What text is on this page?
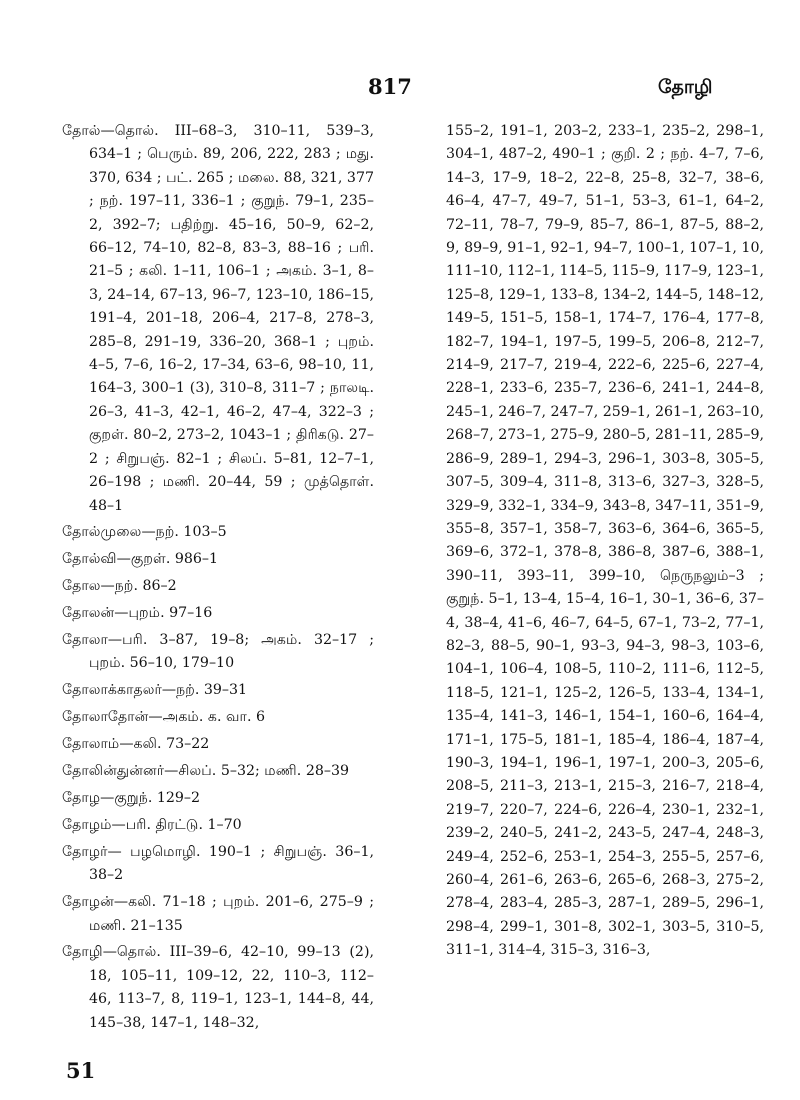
817	தோழி

தோல்—தொல். III–68–3, 310–11, 539–3, 634–1 ; பெரும். 89, 206, 222, 283 ; மது. 370, 634 ; பட். 265 ; மலை. 88, 321, 377 ; நற். 197–11, 336–1 ; குறுந். 79–1, 235–2, 392–7; பதிற்று. 45–16, 50–9, 62–2, 66–12, 74–10, 82–8, 83–3, 88–16 ; பரி. 21–5 ; கலி. 1–11, 106–1 ; அகம். 3–1, 8–3, 24–14, 67–13, 96–7, 123–10, 186–15, 191–4, 201–18, 206–4, 217–8, 278–3, 285–8, 291–19, 336–20, 368–1 ; புறம். 4–5, 7–6, 16–2, 17–34, 63–6, 98–10, 11, 164–3, 300–1 (3), 310–8, 311–7 ; நாலடி. 26–3, 41–3, 42–1, 46–2, 47–4, 322–3 ; குறள். 80–2, 273–2, 1043–1 ; திரிகடு. 27–2 ; சிறுபஞ். 82–1 ; சிலப். 5–81, 12–7–1, 26–198 ; மணி. 20–44, 59 ; முத்தொள். 48–1

தோல்முலை—நற். 103–5

தோல்வி—குறள். 986–1

தோல—நற். 86–2

தோலன்—புறம். 97–16

தோலா—பரி. 3–87, 19–8; அகம். 32–17 ; புறம். 56–10, 179–10

தோலாக்காதலர்—நற். 39–31

தோலாதோன்—அகம். க. வா. 6

தோலாம்—கலி. 73–22

தோலின்துன்னர்—சிலப். 5–32; மணி. 28–39

தோழ—குறுந். 129–2

தோழம்—பரி. திரட்டு. 1–70

தோழர்— பழமொழி. 190–1 ; சிறுபஞ். 36–1, 38–2

தோழன்—கலி. 71–18 ; புறம். 201–6, 275–9 ; மணி. 21–135

தோழி—தொல். III–39–6, 42–10, 99–13 (2), 18, 105–11, 109–12, 22, 110–3, 112–46, 113–7, 8, 119–1, 123–1, 144–8, 44, 145–38, 147–1, 148–32,

155–2, 191–1, 203–2, 233–1, 235–2, 298–1, 304–1, 487–2, 490–1 ; குறி. 2 ; நற். 4–7, 7–6, 14–3, 17–9, 18–2, 22–8, 25–8, 32–7, 38–6, 46–4, 47–7, 49–7, 51–1, 53–3, 61–1, 64–2, 72–11, 78–7, 79–9, 85–7, 86–1, 87–5, 88–2, 9, 89–9, 91–1, 92–1, 94–7, 100–1, 107–1, 10, 111–10, 112–1, 114–5, 115–9, 117–9, 123–1, 125–8, 129–1, 133–8, 134–2, 144–5, 148–12, 149–5, 151–5, 158–1, 174–7, 176–4, 177–8, 182–7, 194–1, 197–5, 199–5, 206–8, 212–7, 214–9, 217–7, 219–4, 222–6, 225–6, 227–4, 228–1, 233–6, 235–7, 236–6, 241–1, 244–8, 245–1, 246–7, 247–7, 259–1, 261–1, 263–10, 268–7, 273–1, 275–9, 280–5, 281–11, 285–9, 286–9, 289–1, 294–3, 296–1, 303–8, 305–5, 307–5, 309–4, 311–8, 313–6, 327–3, 328–5, 329–9, 332–1, 334–9, 343–8, 347–11, 351–9, 355–8, 357–1, 358–7, 363–6, 364–6, 365–5, 369–6, 372–1, 378–8, 386–8, 387–6, 388–1, 390–11, 393–11, 399–10, நெருநலும்–3 ; குறுந். 5–1, 13–4, 15–4, 16–1, 30–1, 36–6, 37–4, 38–4, 41–6, 46–7, 64–5, 67–1, 73–2, 77–1, 82–3, 88–5, 90–1, 93–3, 94–3, 98–3, 103–6, 104–1, 106–4, 108–5, 110–2, 111–6, 112–5, 118–5, 121–1, 125–2, 126–5, 133–4, 134–1, 135–4, 141–3, 146–1, 154–1, 160–6, 164–4, 171–1, 175–5, 181–1, 185–4, 186–4, 187–4, 190–3, 194–1, 196–1, 197–1, 200–3, 205–6, 208–5, 211–3, 213–1, 215–3, 216–7, 218–4, 219–7, 220–7, 224–6, 226–4, 230–1, 232–1, 239–2, 240–5, 241–2, 243–5, 247–4, 248–3, 249–4, 252–6, 253–1, 254–3, 255–5, 257–6, 260–4, 261–6, 263–6, 265–6, 268–3, 275–2, 278–4, 283–4, 285–3, 287–1, 289–5, 296–1, 298–4, 299–1, 301–8, 302–1, 303–5, 310–5, 311–1, 314–4, 315–3, 316–3,

51
